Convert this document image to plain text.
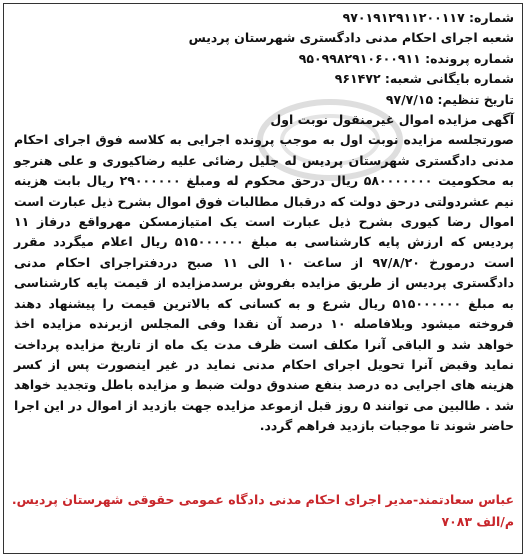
شماره: ۹۷۰۱۹۱۲۹۱۱۲۰۰۱۱۷
شعبه اجرای احکام مدنی دادگستری شهرستان پردیس
شماره پرونده: ۹۵۰۹۹۸۲۹۱۰۶۰۰۹۱۱
شماره بایگانی شعبه: ۹۶۱۴۷۲
تاریخ تنظیم: ۹۷/۷/۱۵
آگهی مزایده اموال غیرمنقول نوبت اول
صورتجلسه مزایده نوبت اول به موجب پرونده اجرایی به کلاسه فوق اجرای احکام مدنی دادگستری شهرستان پردیس له جلیل رضائی علیه رضاکیوری و علی هنرجو به محکومیت ۵۸۰۰۰۰۰۰۰ ریال درحق محکوم له ومبلغ ۲۹۰۰۰۰۰۰ ریال بابت هزینه نیم عشردولتی درحق دولت که درقبال مطالبات فوق اموال بشرح ذیل عبارت است اموال رضا کیوری بشرح ذیل عبارت است یک امتیازمسکن مهرواقع درفاز ۱۱ پردیس که ارزش پایه کارشناسی به مبلغ ۵۱۵۰۰۰۰۰۰ ریال اعلام میگردد مقرر است درمورخ ۹۷/۸/۲۰ از ساعت ۱۰ الی ۱۱ صبح دردفتراجرای احکام مدنی دادگستری پردیس از طریق مزایده بفروش برسدمزایده از قیمت پایه کارشناسی به مبلغ ۵۱۵۰۰۰۰۰۰ ریال شرع و به کسانی که بالاترین قیمت را پیشنهاد دهند فروخته میشود وبلافاصله ۱۰ درصد آن نقدا وفی المجلس ازبرنده مزایده اخذ خواهد شد و الباقی آنرا مکلف است ظرف مدت یک ماه از تاریخ مزایده پرداخت نماید وقبض آنرا تحویل اجرای احکام مدنی نماید در غیر اینصورت پس از کسر هزینه های اجرایی ده درصد بنفع صندوق دولت ضبط و مزایده باطل وتجدید خواهد شد . طالبین می توانند ۵ روز قبل ازموعد مزایده جهت بازدید از اموال در این اجرا حاضر شوند تا موجبات بازدید فراهم گردد.
عباس سعادتمند-مدیر اجرای احکام مدنی دادگاه عمومی حقوقی شهرستان پردیس.
م/الف ۷۰۸۳
